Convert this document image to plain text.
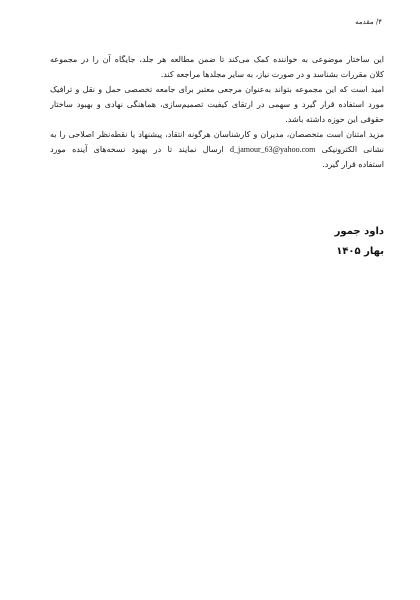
۴/ مقدمه

این ساختار موضوعی به خواننده کمک می‌کند تا ضمن مطالعه هر جلد، جایگاه آن را در مجموعه
کلان مقررات بشناسد و در صورت نیاز، به سایر مجلدها مراجعه کند.

امید است که این مجموعه بتواند به‌عنوان مرجعی معتبر برای جامعه تخصصی حمل و نقل و ترافیک
مورد استفاده قرار گیرد و سهمی در ارتقای کیفیت تصمیم‌سازی، هماهنگی نهادی و بهبود ساختار
حقوقی این حوزه داشته باشد.

مزید امتنان است متخصصان، مدیران و کارشناسان هرگونه انتقاد، پیشنهاد یا نقطه‌نظر اصلاحی را به
نشانی الکترونیکی d_jamour_63@yahoo.com ارسال نمایند تا در بهبود نسخه‌های آینده مورد
استفاده قرار گیرد.

داود جمور
بهار ۱۴۰۵
